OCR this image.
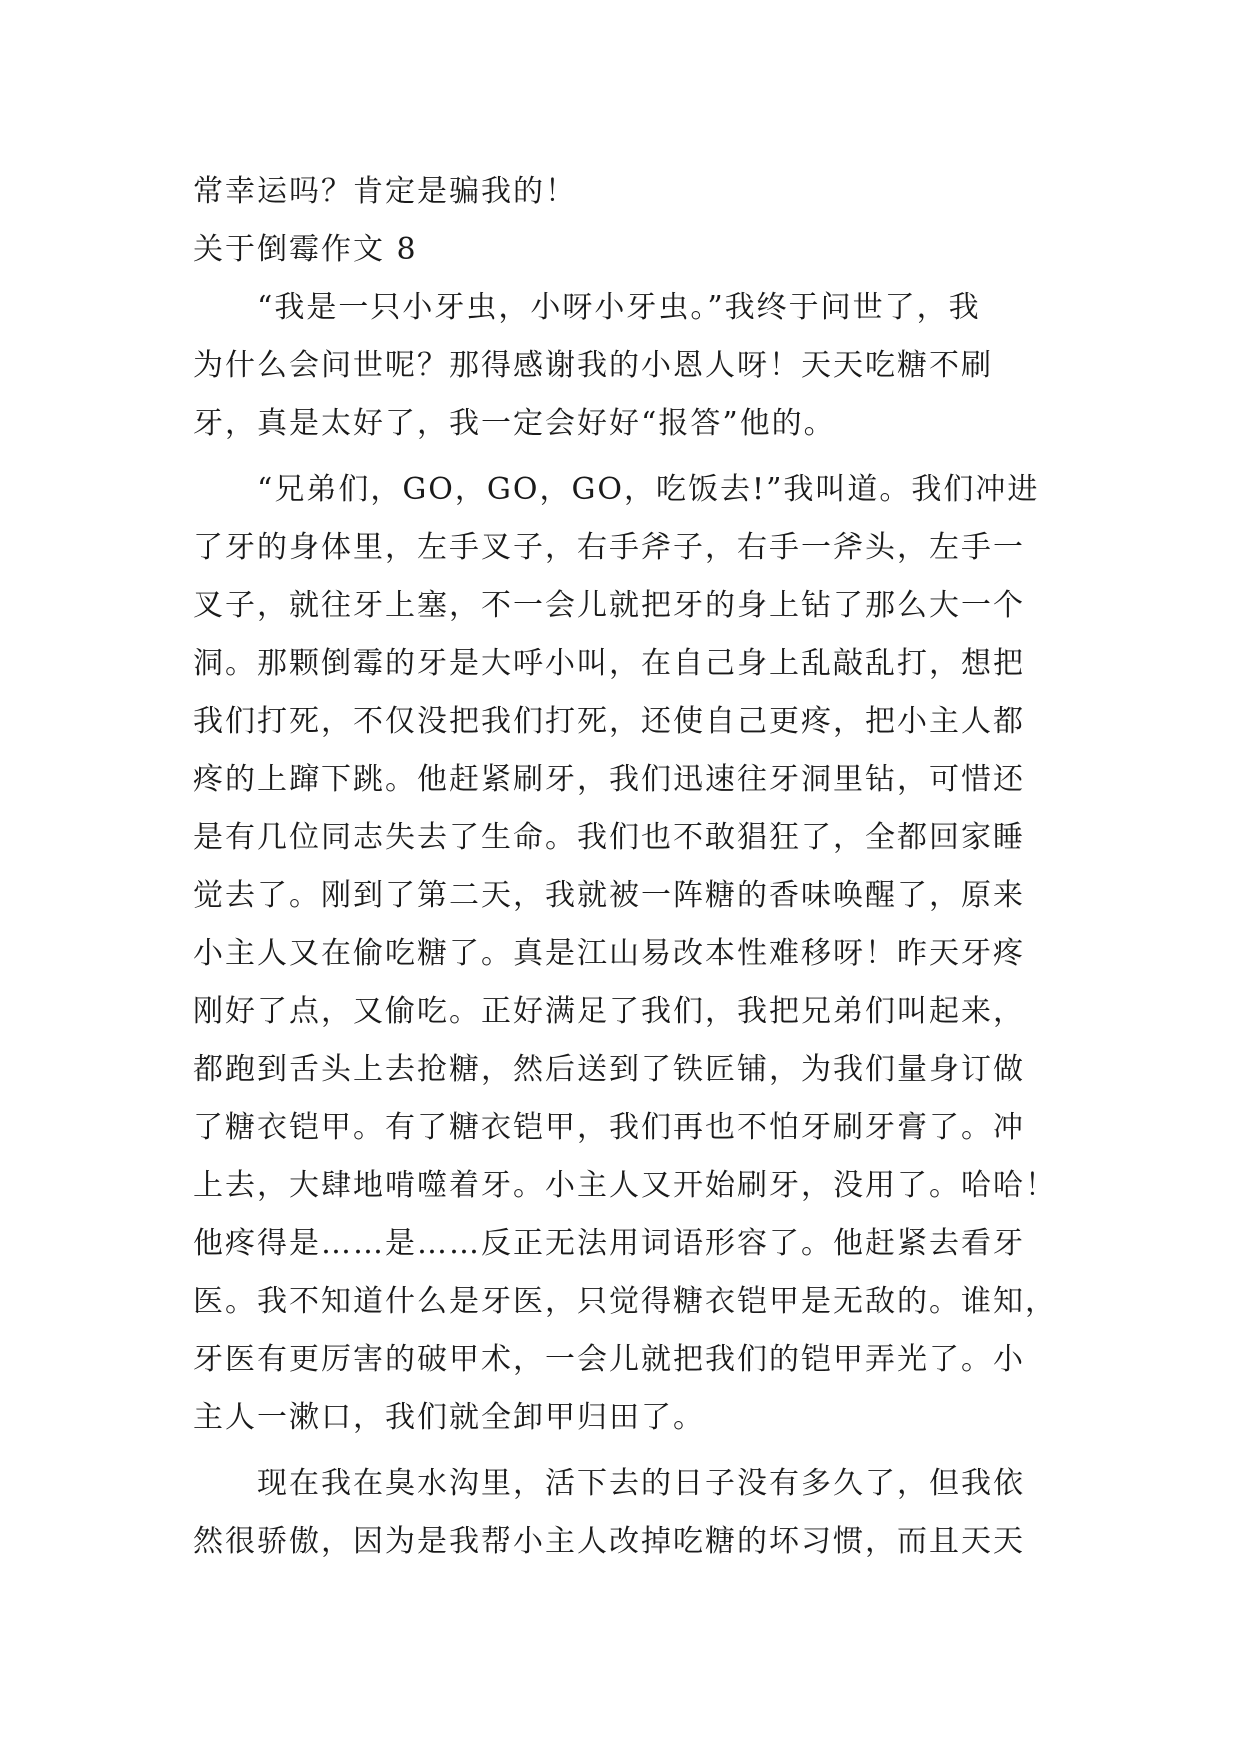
常幸运吗？肯定是骗我的！
关于倒霉作文 8
“我是一只小牙虫，小呀小牙虫。”我终于问世了，我
为什么会问世呢？那得感谢我的小恩人呀！天天吃糖不刷
牙，真是太好了，我一定会好好“报答”他的。
“兄弟们，GO，GO，GO，吃饭去!”我叫道。我们冲进
了牙的身体里，左手叉子，右手斧子，右手一斧头，左手一
叉子，就往牙上塞，不一会儿就把牙的身上钻了那么大一个
洞。那颗倒霉的牙是大呼小叫，在自己身上乱敲乱打，想把
我们打死，不仅没把我们打死，还使自己更疼，把小主人都
疼的上蹿下跳。他赶紧刷牙，我们迅速往牙洞里钻，可惜还
是有几位同志失去了生命。我们也不敢猖狂了，全都回家睡
觉去了。刚到了第二天，我就被一阵糖的香味唤醒了，原来
小主人又在偷吃糖了。真是江山易改本性难移呀！昨天牙疼
刚好了点，又偷吃。正好满足了我们，我把兄弟们叫起来，
都跑到舌头上去抢糖，然后送到了铁匠铺，为我们量身订做
了糖衣铠甲。有了糖衣铠甲，我们再也不怕牙刷牙膏了。冲
上去，大肆地啃噬着牙。小主人又开始刷牙，没用了。哈哈！
他疼得是……是……反正无法用词语形容了。他赶紧去看牙
医。我不知道什么是牙医，只觉得糖衣铠甲是无敌的。谁知，
牙医有更厉害的破甲术，一会儿就把我们的铠甲弄光了。小
主人一漱口，我们就全卸甲归田了。
现在我在臭水沟里，活下去的日子没有多久了，但我依
然很骄傲，因为是我帮小主人改掉吃糖的坏习惯，而且天天
